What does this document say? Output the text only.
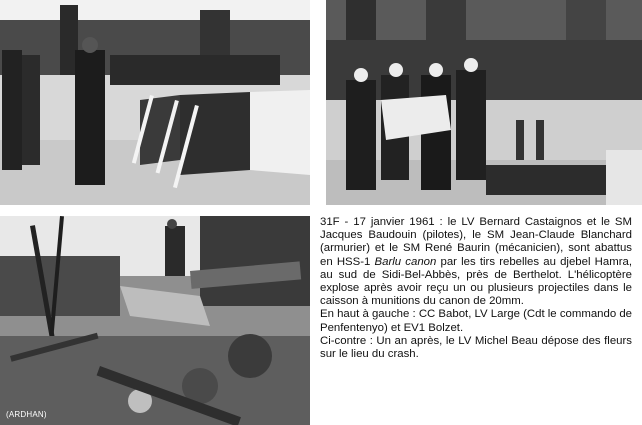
(ARDHAN)

31F - 17 janvier 1961 : le LV Bernard Castaignos et le SM Jacques Baudouin (pilotes), le SM Jean-Claude Blanchard (armurier) et le SM René Baurin (mécanicien), sont abattus en HSS-1 Barlu canon par les tirs rebelles au djebel Hamra, au sud de Sidi-Bel-Abbès, près de Berthelot. L'hélicoptère explose après avoir reçu un ou plusieurs projectiles dans le caisson à munitions du canon de 20mm.

En haut à gauche : CC Babot, LV Large (Cdt le commando de Penfentenyo) et EV1 Bolzet.

Ci-contre : Un an après, le LV Michel Beau dépose des fleurs sur le lieu du crash.
